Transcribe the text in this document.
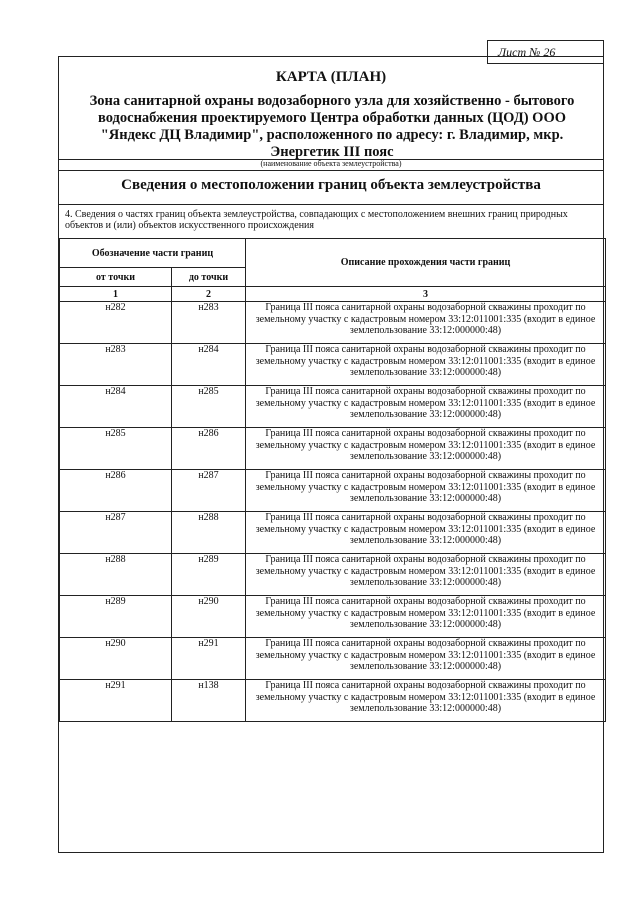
Лист № 26
КАРТА (ПЛАН)
Зона санитарной охраны водозаборного узла для хозяйственно - бытового водоснабжения проектируемого Центра обработки данных (ЦОД) ООО "Яндекс ДЦ Владимир", расположенного по адресу: г. Владимир, мкр. Энергетик III пояс
(наименование объекта землеустройства)
Сведения о местоположении границ объекта землеустройства
4. Сведения о частях границ объекта землеустройства, совпадающих с местоположением внешних границ природных объектов и (или) объектов искусственного происхождения
Обозначение части границ		Описание прохождения части границ
от точки	до точки	
1	2	3
н282	н283	Граница III пояса санитарной охраны водозаборной скважины проходит по земельному участку с кадастровым номером 33:12:011001:335 (входит в единое землепользование 33:12:000000:48)
н283	н284	Граница III пояса санитарной охраны водозаборной скважины проходит по земельному участку с кадастровым номером 33:12:011001:335 (входит в единое землепользование 33:12:000000:48)
н284	н285	Граница III пояса санитарной охраны водозаборной скважины проходит по земельному участку с кадастровым номером 33:12:011001:335 (входит в единое землепользование 33:12:000000:48)
н285	н286	Граница III пояса санитарной охраны водозаборной скважины проходит по земельному участку с кадастровым номером 33:12:011001:335 (входит в единое землепользование 33:12:000000:48)
н286	н287	Граница III пояса санитарной охраны водозаборной скважины проходит по земельному участку с кадастровым номером 33:12:011001:335 (входит в единое землепользование 33:12:000000:48)
н287	н288	Граница III пояса санитарной охраны водозаборной скважины проходит по земельному участку с кадастровым номером 33:12:011001:335 (входит в единое землепользование 33:12:000000:48)
н288	н289	Граница III пояса санитарной охраны водозаборной скважины проходит по земельному участку с кадастровым номером 33:12:011001:335 (входит в единое землепользование 33:12:000000:48)
н289	н290	Граница III пояса санитарной охраны водозаборной скважины проходит по земельному участку с кадастровым номером 33:12:011001:335 (входит в единое землепользование 33:12:000000:48)
н290	н291	Граница III пояса санитарной охраны водозаборной скважины проходит по земельному участку с кадастровым номером 33:12:011001:335 (входит в единое землепользование 33:12:000000:48)
н291	н138	Граница III пояса санитарной охраны водозаборной скважины проходит по земельному участку с кадастровым номером 33:12:011001:335 (входит в единое землепользование 33:12:000000:48)
